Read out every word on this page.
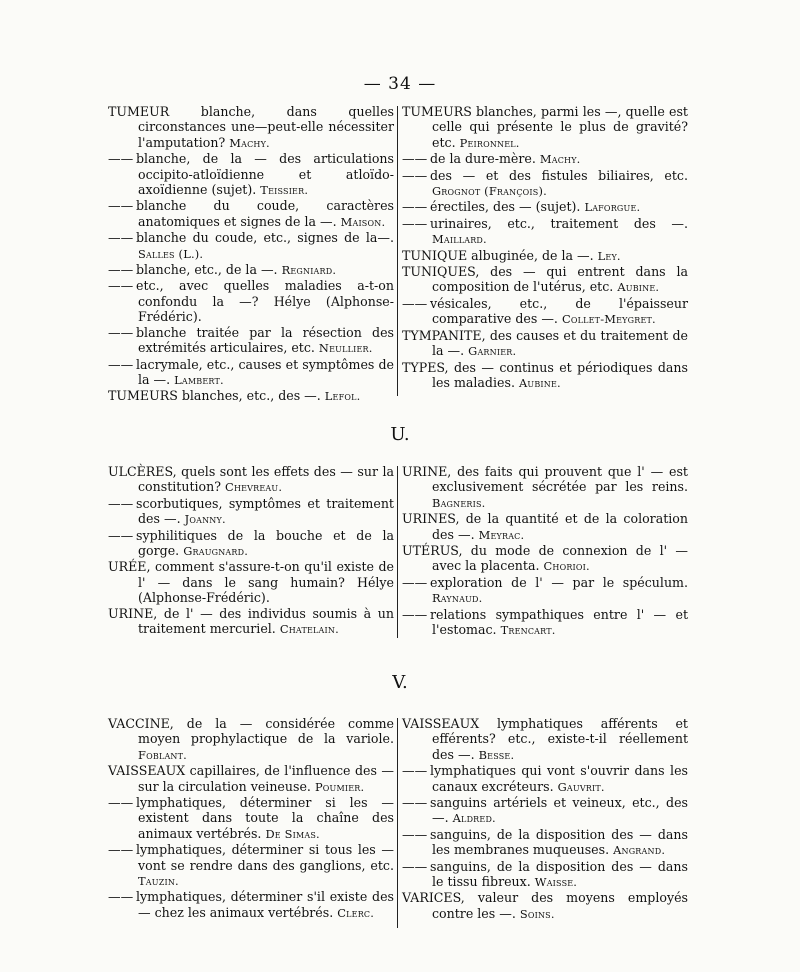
— 34 —

TUMEUR blanche, dans quelles circonstances une—peut-elle nécessiter l'amputation? Machy.

—— blanche, de la — des articulations occipito-atloïdienne et atloïdo-axoïdienne (sujet). Teissier.

—— blanche du coude, caractères anatomiques et signes de la —. Maison.

—— blanche du coude, etc., signes de la—. Salles (L.).

—— blanche, etc., de la —. Regniard.

—— etc., avec quelles maladies a-t-on confondu la —? Hélye (Alphonse-Frédéric).

—— blanche traitée par la résection des extrémités articulaires, etc. Neullier.

—— lacrymale, etc., causes et symptômes de la —. Lambert.

TUMEURS blanches, etc., des —. Lefol.

TUMEURS blanches, parmi les —, quelle est celle qui présente le plus de gravité? etc. Peironnel.

—— de la dure-mère. Machy.

—— des — et des fistules biliaires, etc. Grognot (François).

—— érectiles, des — (sujet). Laforgue.

—— urinaires, etc., traitement des —. Maillard.

TUNIQUE albuginée, de la —. Ley.

TUNIQUES, des — qui entrent dans la composition de l'utérus, etc. Aubine.

—— vésicales, etc., de l'épaisseur comparative des —. Collet-Meygret.

TYMPANITE, des causes et du traitement de la —. Garnier.

TYPES, des — continus et périodiques dans les maladies. Aubine.

U.

ULCÈRES, quels sont les effets des — sur la constitution? Chevreau.

—— scorbutiques, symptômes et traitement des —. Joanny.

—— syphilitiques de la bouche et de la gorge. Graugnard.

URÉE, comment s'assure-t-on qu'il existe de l' — dans le sang humain? Hélye (Alphonse-Frédéric).

URINE, de l' — des individus soumis à un traitement mercuriel. Chatelain.

URINE, des faits qui prouvent que l' — est exclusivement sécrétée par les reins. Bagneris.

URINES, de la quantité et de la coloration des —. Meyrac.

UTÉRUS, du mode de connexion de l' — avec la placenta. Chorioi.

—— exploration de l' — par le spéculum. Raynaud.

—— relations sympathiques entre l' — et l'estomac. Trencart.

V.

VACCINE, de la — considérée comme moyen prophylactique de la variole. Foblant.

VAISSEAUX capillaires, de l'influence des — sur la circulation veineuse. Poumier.

—— lymphatiques, déterminer si les — existent dans toute la chaîne des animaux vertébrés. De Simas.

—— lymphatiques, déterminer si tous les — vont se rendre dans des ganglions, etc. Tauzin.

—— lymphatiques, déterminer s'il existe des — chez les animaux vertébrés. Clerc.

VAISSEAUX lymphatiques afférents et efférents? etc., existe-t-il réellement des —. Besse.

—— lymphatiques qui vont s'ouvrir dans les canaux excréteurs. Gauvrit.

—— sanguins artériels et veineux, etc., des —. Aldred.

—— sanguins, de la disposition des — dans les membranes muqueuses. Angrand.

—— sanguins, de la disposition des — dans le tissu fibreux. Waisse.

VARICES, valeur des moyens employés contre les —. Soins.
